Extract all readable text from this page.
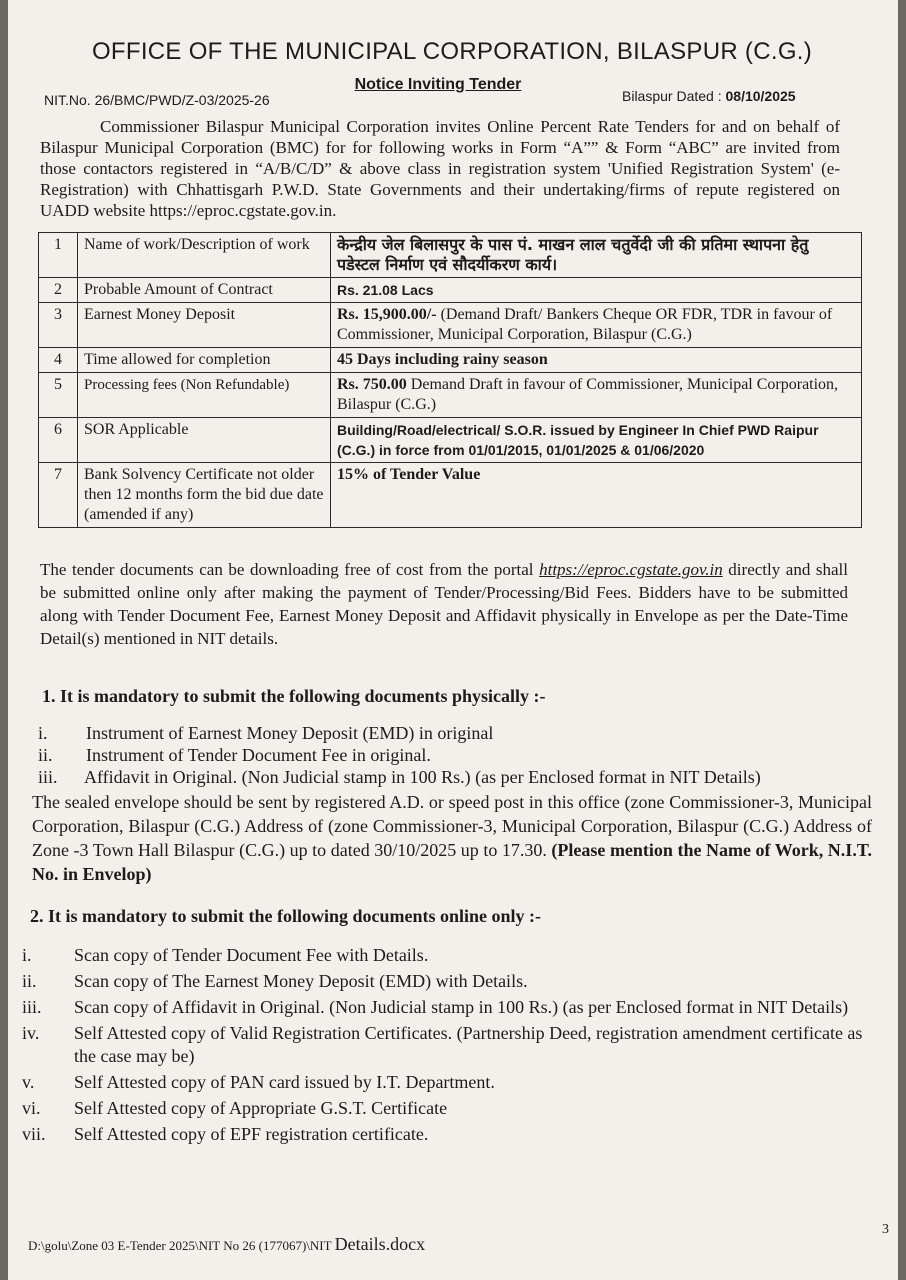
OFFICE OF THE MUNICIPAL CORPORATION, BILASPUR (C.G.)
Notice Inviting Tender
NIT.No. 26/BMC/PWD/Z-03/2025-26	Bilaspur Dated : 08/10/2025
Commissioner Bilaspur Municipal Corporation invites Online Percent Rate Tenders for and on behalf of Bilaspur Municipal Corporation (BMC) for for following works in Form “A”” & Form “ABC” are invited from those contactors registered in “A/B/C/D” & above class in registration system 'Unified Registration System' (e-Registration) with Chhattisgarh P.W.D. State Governments and their undertaking/firms of repute registered on UADD website https://eproc.cgstate.gov.in.
1	Name of work/Description of work	केन्द्रीय जेल बिलासपुर के पास पं. माखन लाल चतुर्वेदी जी की प्रतिमा स्थापना हेतु पडेस्टल निर्माण एवं सौदर्यीकरण कार्य।
2	Probable Amount of Contract	Rs. 21.08 Lacs
3	Earnest Money Deposit	Rs. 15,900.00/- (Demand Draft/ Bankers Cheque OR FDR, TDR in favour of Commissioner, Municipal Corporation, Bilaspur (C.G.)
4	Time allowed for completion	45 Days including rainy season
5	Processing fees (Non Refundable)	Rs. 750.00 Demand Draft in favour of Commissioner, Municipal Corporation, Bilaspur (C.G.)
6	SOR Applicable	Building/Road/electrical/ S.O.R. issued by Engineer In Chief PWD Raipur (C.G.) in force from 01/01/2015, 01/01/2025 & 01/06/2020
7	Bank Solvency Certificate not older then 12 months form the bid due date (amended if any)	15% of Tender Value
The tender documents can be downloading free of cost from the portal https://eproc.cgstate.gov.in directly and shall be submitted online only after making the payment of Tender/Processing/Bid Fees. Bidders have to be submitted along with Tender Document Fee, Earnest Money Deposit and Affidavit physically in Envelope as per the Date-Time Detail(s) mentioned in NIT details.
1. It is mandatory to submit the following documents physically :-
i. Instrument of Earnest Money Deposit (EMD) in original
ii. Instrument of Tender Document Fee in original.
iii. Affidavit in Original. (Non Judicial stamp in 100 Rs.) (as per Enclosed format in NIT Details)
The sealed envelope should be sent by registered A.D. or speed post in this office (zone Commissioner-3, Municipal Corporation, Bilaspur (C.G.) Address of (zone Commissioner-3, Municipal Corporation, Bilaspur (C.G.) Address of Zone -3 Town Hall Bilaspur (C.G.) up to dated 30/10/2025 up to 17.30. (Please mention the Name of Work, N.I.T. No. in Envelop)
2. It is mandatory to submit the following documents online only :-
i. Scan copy of Tender Document Fee with Details.
ii. Scan copy of The Earnest Money Deposit (EMD) with Details.
iii. Scan copy of Affidavit in Original. (Non Judicial stamp in 100 Rs.) (as per Enclosed format in NIT Details)
iv. Self Attested copy of Valid Registration Certificates. (Partnership Deed, registration amendment certificate as the case may be)
v. Self Attested copy of PAN card issued by I.T. Department.
vi. Self Attested copy of Appropriate G.S.T. Certificate
vii. Self Attested copy of EPF registration certificate.
D:\golu\Zone 03 E-Tender 2025\NIT No 26 (177067)\NIT Details.docx
3
